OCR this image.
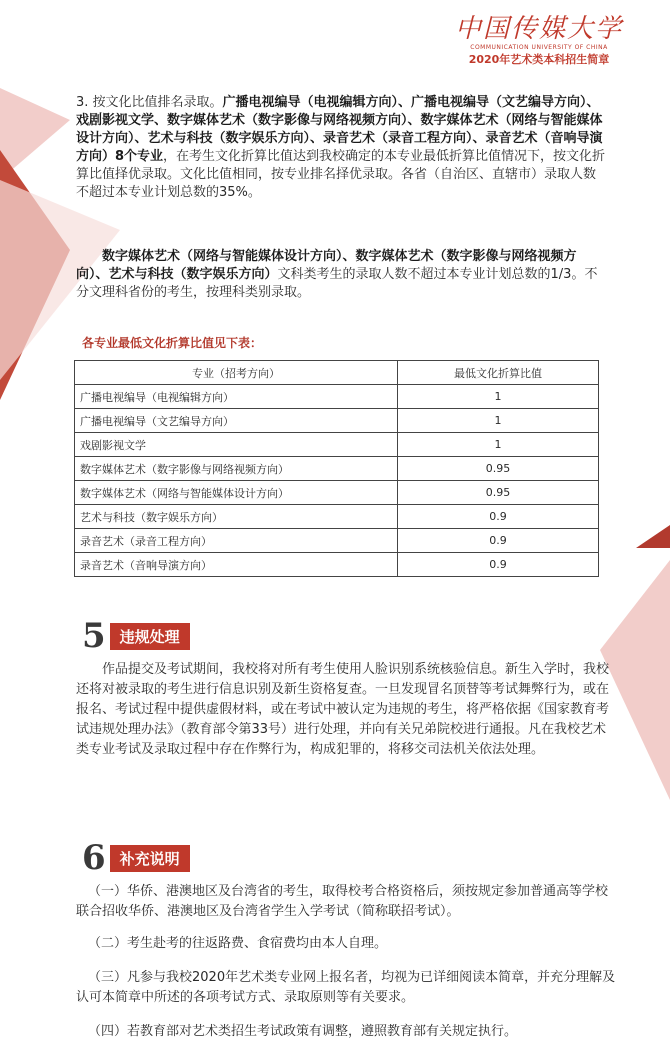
中国传媒大学
COMMUNICATION UNIVERSITY OF CHINA
2020年艺术类本科招生简章
3. 按文化比值排名录取。广播电视编导（电视编辑方向）、广播电视编导（文艺编导方向）、戏剧影视文学、数字媒体艺术（数字影像与网络视频方向）、数字媒体艺术（网络与智能媒体设计方向）、艺术与科技（数字娱乐方向）、录音艺术（录音工程方向）、录音艺术（音响导演方向）8个专业，在考生文化折算比值达到我校确定的本专业最低折算比值情况下，按文化折算比值择优录取。文化比值相同，按专业排名择优录取。各省（自治区、直辖市）录取人数不超过本专业计划总数的35%。
数字媒体艺术（网络与智能媒体设计方向）、数字媒体艺术（数字影像与网络视频方向）、艺术与科技（数字娱乐方向）文科类考生的录取人数不超过本专业计划总数的1/3。不分文理科省份的考生，按理科类别录取。
各专业最低文化折算比值见下表：
专业（招考方向）	最低文化折算比值
广播电视编导（电视编辑方向）	1
广播电视编导（文艺编导方向）	1
戏剧影视文学	1
数字媒体艺术（数字影像与网络视频方向）	0.95
数字媒体艺术（网络与智能媒体设计方向）	0.95
艺术与科技（数字娱乐方向）	0.9
录音艺术（录音工程方向）	0.9
录音艺术（音响导演方向）	0.9
5 违规处理
作品提交及考试期间，我校将对所有考生使用人脸识别系统核验信息。新生入学时，我校还将对被录取的考生进行信息识别及新生资格复查。一旦发现冒名顶替等考试舞弊行为，或在报名、考试过程中提供虚假材料，或在考试中被认定为违规的考生，将严格依据《国家教育考试违规处理办法》（教育部令第33号）进行处理，并向有关兄弟院校进行通报。凡在我校艺术类专业考试及录取过程中存在作弊行为，构成犯罪的，将移交司法机关依法处理。
6 补充说明
（一）华侨、港澳地区及台湾省的考生，取得校考合格资格后，须按规定参加普通高等学校联合招收华侨、港澳地区及台湾省学生入学考试（简称联招考试）。
（二）考生赴考的往返路费、食宿费均由本人自理。
（三）凡参与我校2020年艺术类专业网上报名者，均视为已详细阅读本简章，并充分理解及认可本简章中所述的各项考试方式、录取原则等有关要求。
（四）若教育部对艺术类招生考试政策有调整，遵照教育部有关规定执行。
